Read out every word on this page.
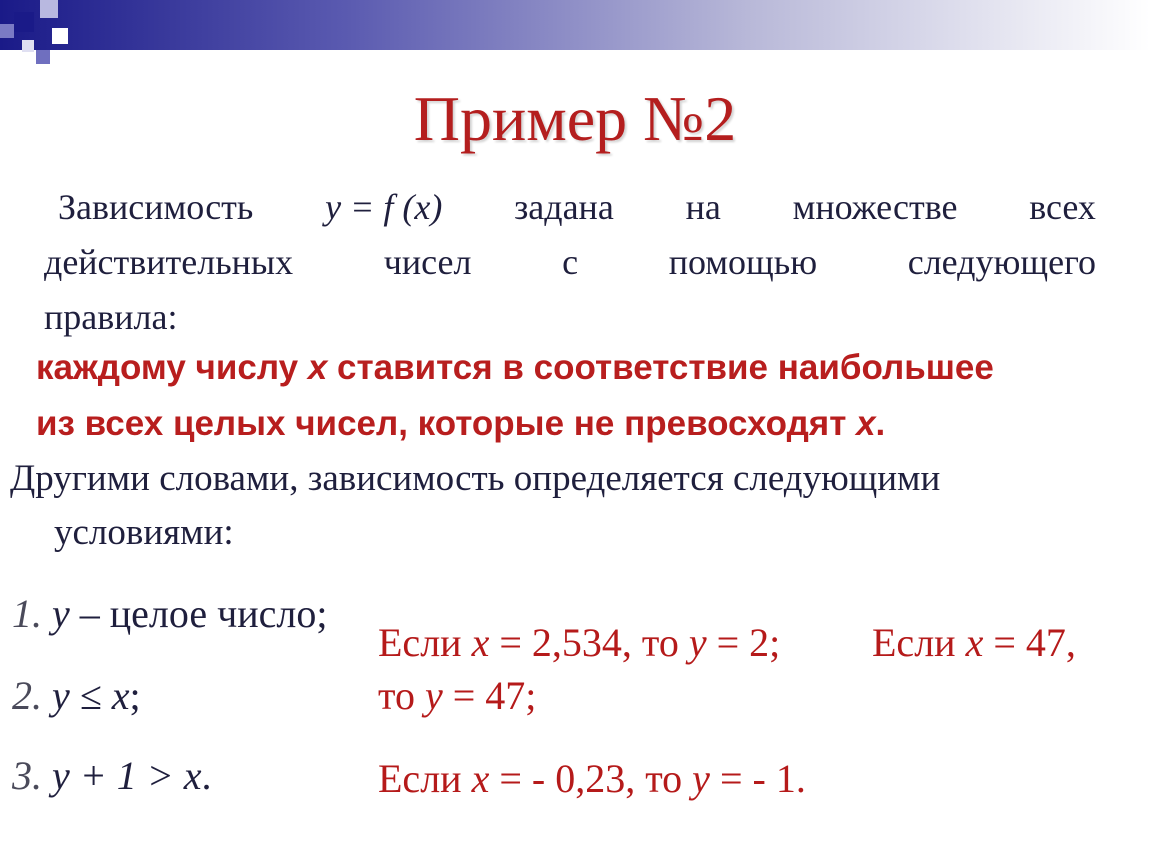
Пример №2
Зависимость y = f (x) задана на множестве всех
действительных	чисел	с	помощью	следующего
правила:
каждому числу x ставится в соответствие наибольшее
из всех целых чисел, которые не превосходят x.
Другими словами, зависимость определяется следующими
условиями:
1. y – целое число;
2. y ≤ x;
3. y + 1 > x.
Если x = 2,534, то y = 2; Если x = 47,
то y = 47;
Если x = - 0,23, то y = - 1.
